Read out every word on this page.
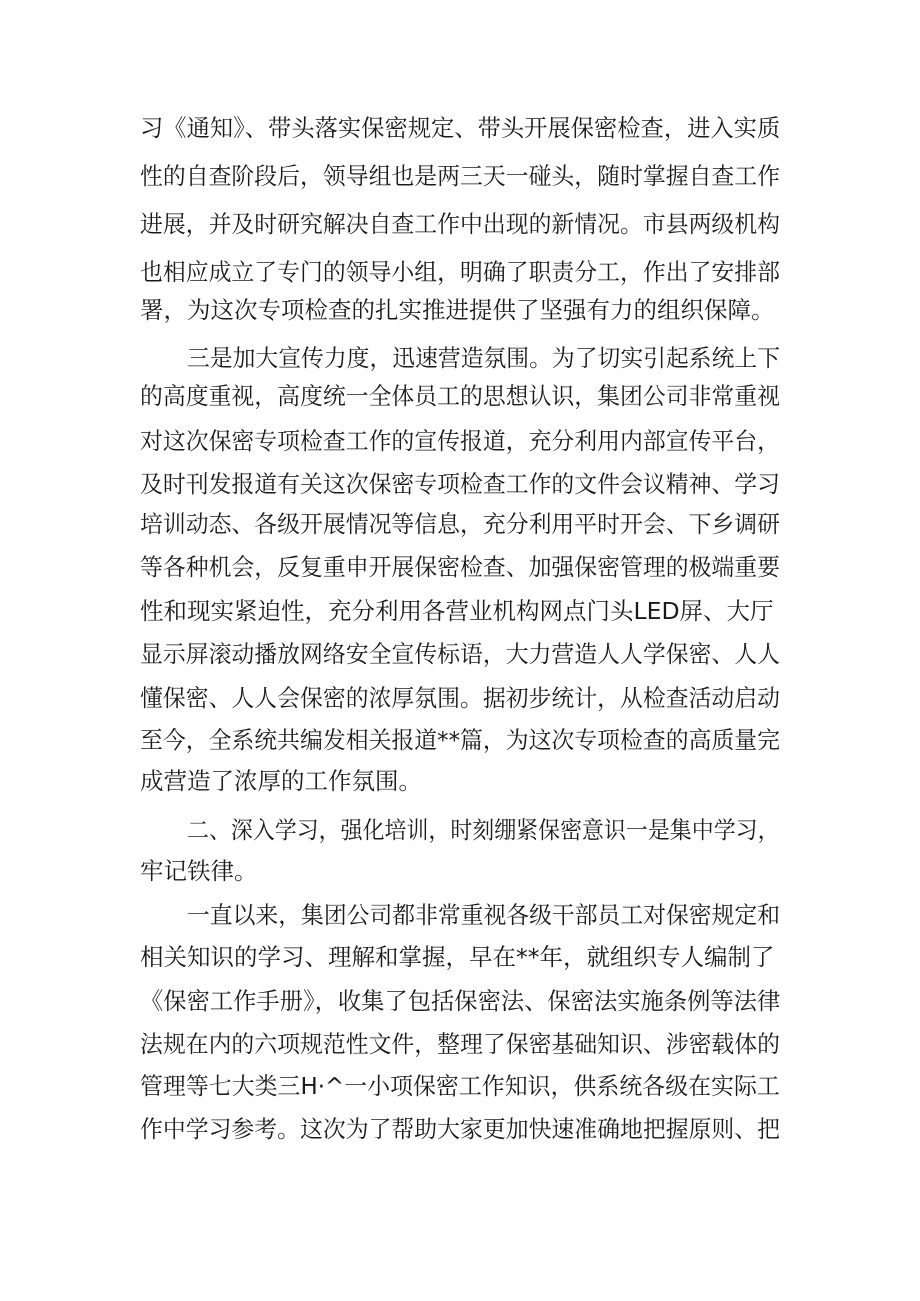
习《通知》、带头落实保密规定、带头开展保密检查，进入实质
性的自查阶段后，领导组也是两三天一碰头，随时掌握自查工作
进展，并及时研究解决自查工作中出现的新情况。市县两级机构
也相应成立了专门的领导小组，明确了职责分工，作出了安排部
署，为这次专项检查的扎实推进提供了坚强有力的组织保障。
三是加大宣传力度，迅速营造氛围。为了切实引起系统上下
的高度重视，高度统一全体员工的思想认识，集团公司非常重视
对这次保密专项检查工作的宣传报道，充分利用内部宣传平台，
及时刊发报道有关这次保密专项检查工作的文件会议精神、学习
培训动态、各级开展情况等信息，充分利用平时开会、下乡调研
等各种机会，反复重申开展保密检查、加强保密管理的极端重要
性和现实紧迫性，充分利用各营业机构网点门头LED屏、大厅
显示屏滚动播放网络安全宣传标语，大力营造人人学保密、人人
懂保密、人人会保密的浓厚氛围。据初步统计，从检查活动启动
至今，全系统共编发相关报道**篇，为这次专项检查的高质量完
成营造了浓厚的工作氛围。
二、深入学习，强化培训，时刻绷紧保密意识一是集中学习，
牢记铁律。
一直以来，集团公司都非常重视各级干部员工对保密规定和
相关知识的学习、理解和掌握，早在**年，就组织专人编制了
《保密工作手册》，收集了包括保密法、保密法实施条例等法律
法规在内的六项规范性文件，整理了保密基础知识、涉密载体的
管理等七大类三H·^一小项保密工作知识，供系统各级在实际工
作中学习参考。这次为了帮助大家更加快速准确地把握原则、把
